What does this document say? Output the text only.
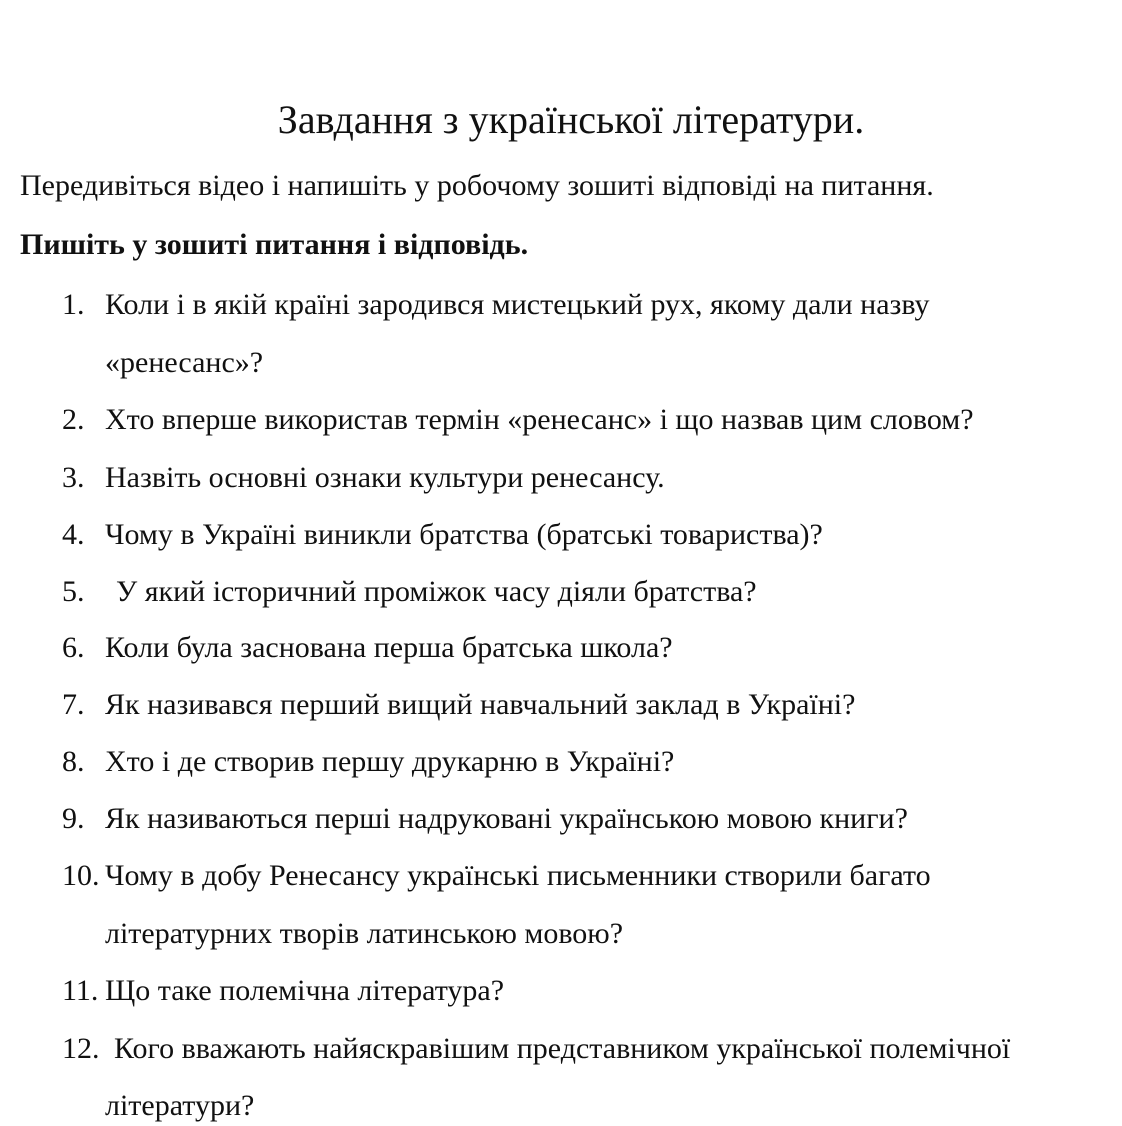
Завдання з української літератури.
Передивіться відео і напишіть у робочому зошиті відповіді на питання.
Пишіть у зошиті питання і відповідь.
1. Коли і в якій країні зародився мистецький рух, якому дали назву
«ренесанс»?
2. Хто вперше використав термін «ренесанс» і що назвав цим словом?
3. Назвіть основні ознаки культури ренесансу.
4. Чому в Україні виникли братства (братські товариства)?
5. У який історичний проміжок часу діяли братства?
6. Коли була заснована перша братська школа?
7. Як називався перший вищий навчальний заклад в Україні?
8. Хто і де створив першу друкарню в Україні?
9. Як називаються перші надруковані українською мовою книги?
10. Чому в добу Ренесансу українські письменники створили багато
літературних творів латинською мовою?
11. Що таке полемічна література?
12. Кого вважають найяскравішим представником української полемічної
літератури?
